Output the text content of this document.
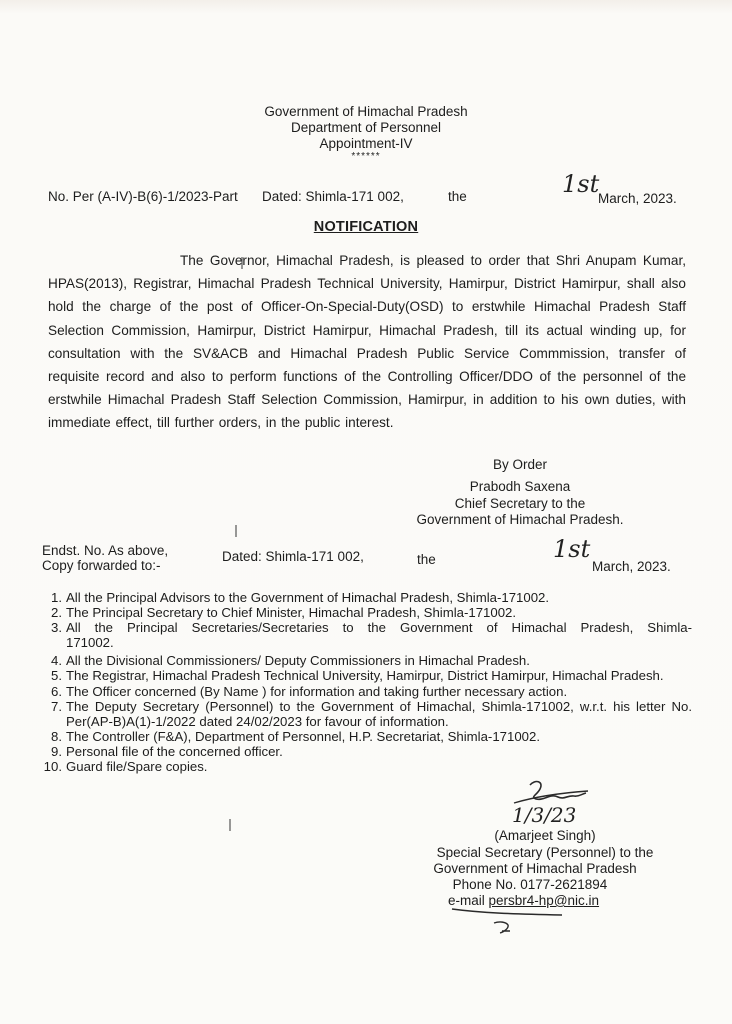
Government of Himachal Pradesh
Department of Personnel
Appointment-IV
******
No. Per (A-IV)-B(6)-1/2023-Part Dated: Shimla-171 002,	the	1st
March, 2023.
NOTIFICATION
The Governor, Himachal Pradesh, is pleased to order that Shri Anupam Kumar, HPAS(2013), Registrar, Himachal Pradesh Technical University, Hamirpur, District Hamirpur, shall also hold the charge of the post of Officer-On-Special-Duty(OSD) to erstwhile Himachal Pradesh Staff Selection Commission, Hamirpur, District Hamirpur, Himachal Pradesh, till its actual winding up, for consultation with the SV&ACB and Himachal Pradesh Public Service Commmission, transfer of requisite record and also to perform functions of the Controlling Officer/DDO of the personnel of the erstwhile Himachal Pradesh Staff Selection Commission, Hamirpur, in addition to his own duties, with immediate effect, till further orders, in the public interest.
By Order
Prabodh Saxena
Chief Secretary to the
Government of Himachal Pradesh.
Endst. No. As above,
Copy forwarded to:-
Dated: Shimla-171 002,	the	1st
March, 2023.
1. All the Principal Advisors to the Government of Himachal Pradesh, Shimla-171002.
2. The Principal Secretary to Chief Minister, Himachal Pradesh, Shimla-171002.
3. All the Principal Secretaries/Secretaries to the Government of Himachal Pradesh, Shimla-171002.
4. All the Divisional Commissioners/ Deputy Commissioners in Himachal Pradesh.
5. The Registrar, Himachal Pradesh Technical University, Hamirpur, District Hamirpur, Himachal Pradesh.
6. The Officer concerned (By Name ) for information and taking further necessary action.
7. The Deputy Secretary (Personnel) to the Government of Himachal, Shimla-171002, w.r.t. his letter No. Per(AP-B)A(1)-1/2022 dated 24/02/2023 for favour of information.
8. The Controller (F&A), Department of Personnel, H.P. Secretariat, Shimla-171002.
9. Personal file of the concerned officer.
10. Guard file/Spare copies.
1/3/23
(Amarjeet Singh)
Special Secretary (Personnel) to the
Government of Himachal Pradesh
Phone No. 0177-2621894
e-mail persbr4-hp@nic.in
